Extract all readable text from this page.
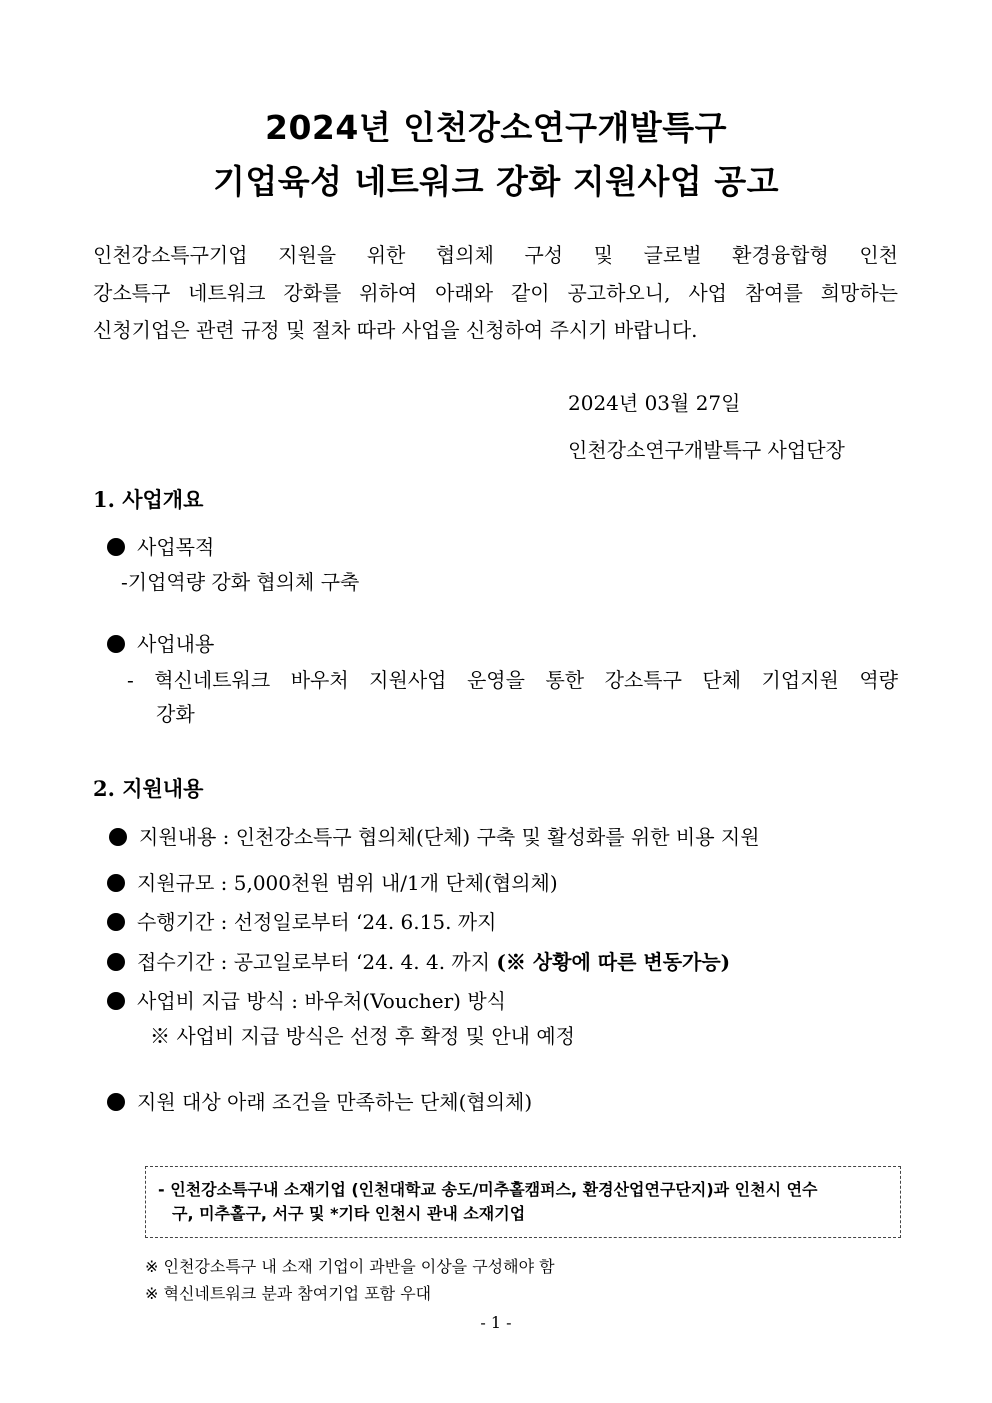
2024년 인천강소연구개발특구
기업육성 네트워크 강화 지원사업 공고
인천강소특구기업 지원을 위한 협의체 구성 및 글로벌 환경융합형 인천
강소특구 네트워크 강화를 위하여 아래와 같이 공고하오니, 사업 참여를 희망하는
신청기업은 관련 규정 및 절차 따라 사업을 신청하여 주시기 바랍니다.
2024년 03월 27일
인천강소연구개발특구 사업단장
1. 사업개요
사업목적
-기업역량 강화 협의체 구축
사업내용
- 혁신네트워크 바우처 지원사업 운영을 통한 강소특구 단체 기업지원 역량
강화
2. 지원내용
지원내용 : 인천강소특구 협의체(단체) 구축 및 활성화를 위한 비용 지원
지원규모 : 5,000천원 범위 내/1개 단체(협의체)
수행기간 : 선정일로부터 ‘24. 6.15. 까지
접수기간 : 공고일로부터 ‘24. 4. 4. 까지 (※ 상황에 따른 변동가능)
사업비 지급 방식 : 바우처(Voucher) 방식
※ 사업비 지급 방식은 선정 후 확정 및 안내 예정
지원 대상 아래 조건을 만족하는 단체(협의체)
- 인천강소특구내 소재기업 (인천대학교 송도/미추홀캠퍼스, 환경산업연구단지)과 인천시 연수
구, 미추홀구, 서구 및 *기타 인천시 관내 소재기업
※ 인천강소특구 내 소재 기업이 과반을 이상을 구성해야 함
※ 혁신네트워크 분과 참여기업 포함 우대
- 1 -
